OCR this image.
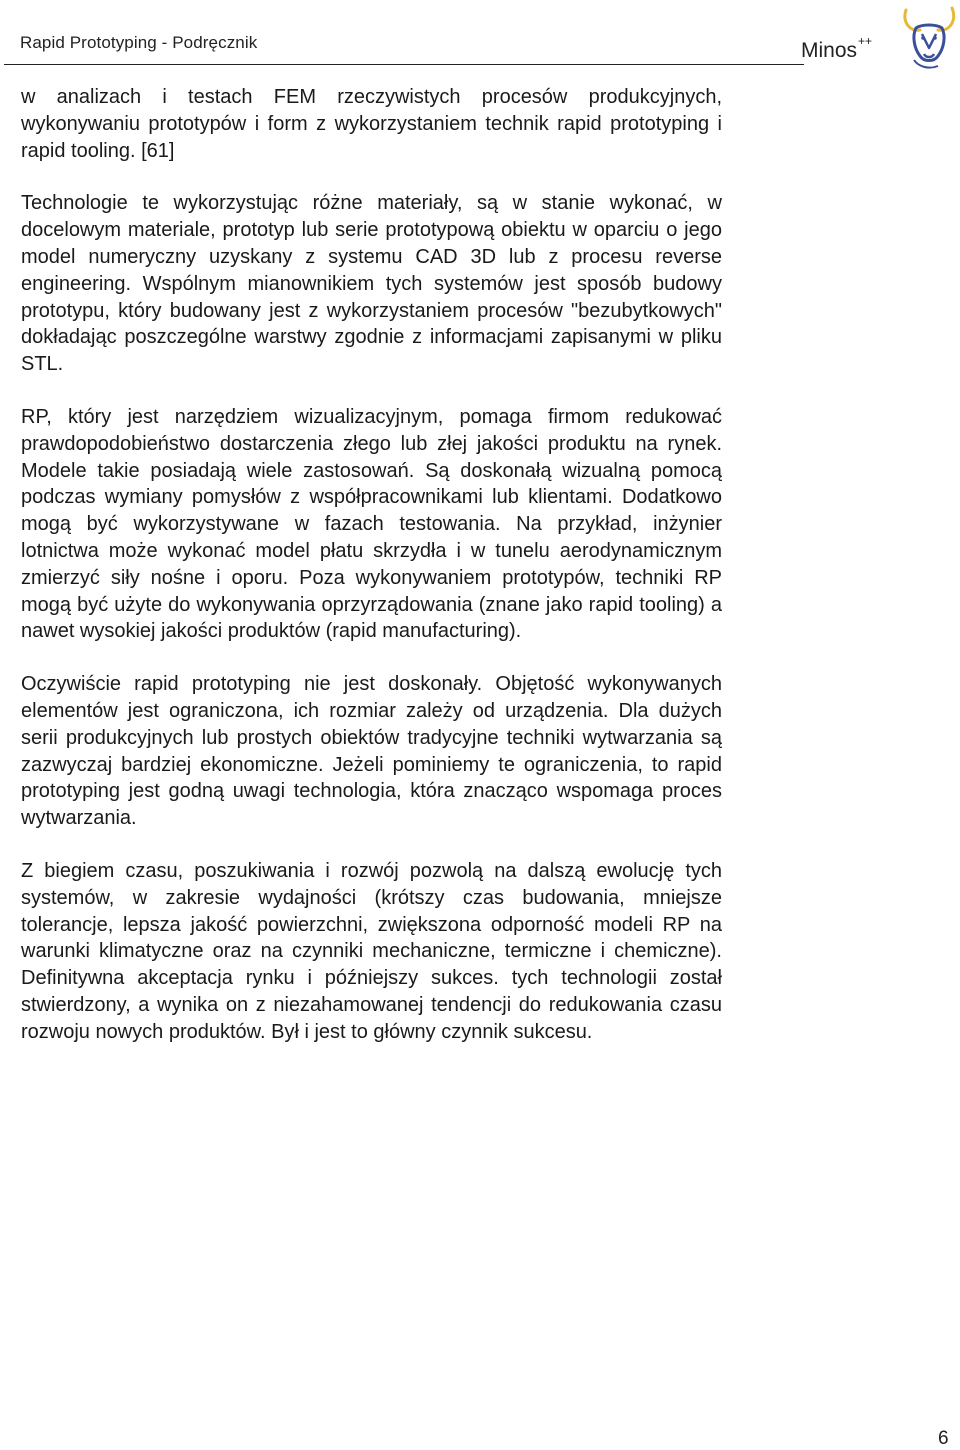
Rapid Prototyping - Podręcznik	Minos++

w analizach i testach FEM rzeczywistych procesów produkcyjnych, wykonywaniu prototypów i form z wykorzystaniem technik rapid prototyping i rapid tooling. [61]

Technologie te wykorzystując różne materiały, są w stanie wykonać, w docelowym materiale, prototyp lub serie prototypową obiektu w oparciu o jego model numeryczny uzyskany z systemu CAD 3D lub z procesu reverse engineering. Wspólnym mianownikiem tych systemów jest sposób budowy prototypu, który budowany jest z wykorzystaniem procesów "bezubytkowych" dokładając poszczególne warstwy zgodnie z informacjami zapisanymi w pliku STL.

RP, który jest narzędziem wizualizacyjnym, pomaga firmom redukować prawdopodobieństwo dostarczenia złego lub złej jakości produktu na rynek. Modele takie posiadają wiele zastosowań. Są doskonałą wizualną pomocą podczas wymiany pomysłów z współpracownikami lub klientami. Dodatkowo mogą być wykorzystywane w fazach testowania. Na przykład, inżynier lotnictwa może wykonać model płatu skrzydła i w tunelu aerodynamicznym zmierzyć siły nośne i oporu. Poza wykonywaniem prototypów, techniki RP mogą być użyte do wykonywania oprzyrządowania (znane jako rapid tooling) a nawet wysokiej jakości produktów (rapid manufacturing).

Oczywiście rapid prototyping nie jest doskonały. Objętość wykonywanych elementów jest ograniczona, ich rozmiar zależy od urządzenia. Dla dużych serii produkcyjnych lub prostych obiektów tradycyjne techniki wytwarzania są zazwyczaj bardziej ekonomiczne. Jeżeli pominiemy te ograniczenia, to rapid prototyping jest godną uwagi technologia, która znacząco wspomaga proces wytwarzania.

Z biegiem czasu, poszukiwania i rozwój pozwolą na dalszą ewolucję tych systemów, w zakresie wydajności (krótszy czas budowania, mniejsze tolerancje, lepsza jakość powierzchni, zwiększona odporność modeli RP na warunki klimatyczne oraz na czynniki mechaniczne, termiczne i chemiczne). Definitywna akceptacja rynku i późniejszy sukces. tych technologii został stwierdzony, a wynika on z niezahamowanej tendencji do redukowania czasu rozwoju nowych produktów. Był i jest to główny czynnik sukcesu.

6
